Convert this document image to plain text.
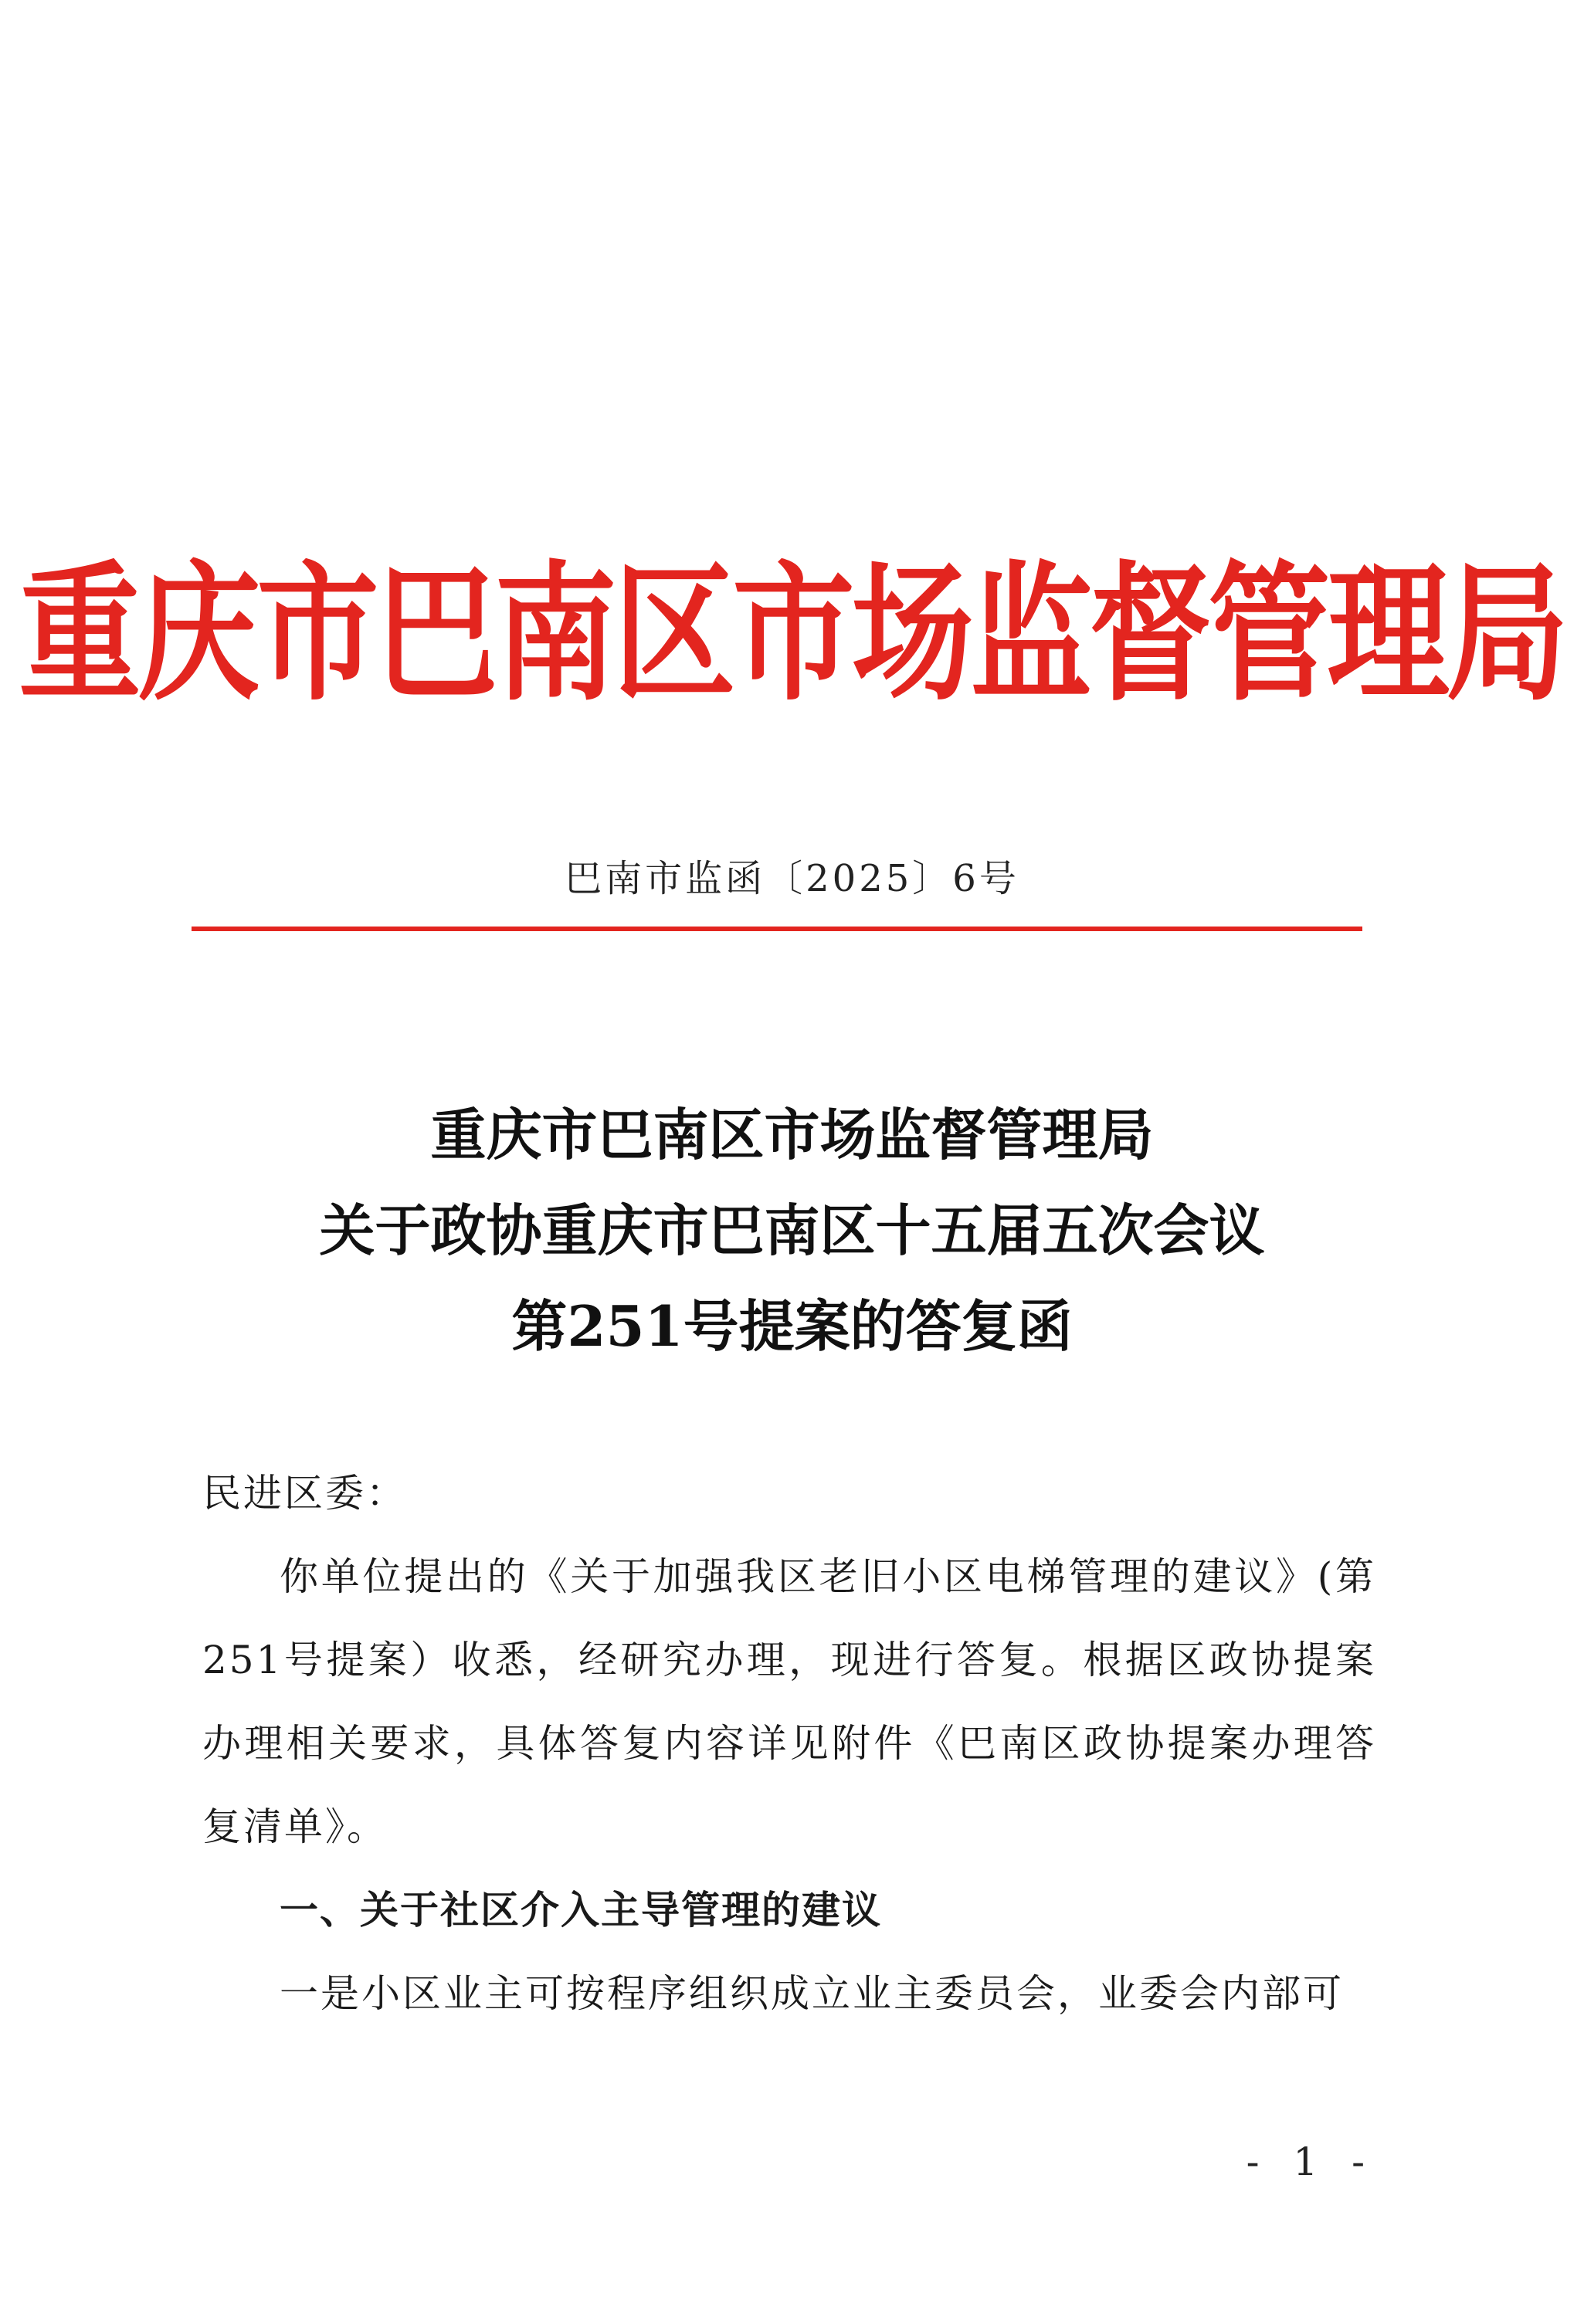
重庆市巴南区市场监督管理局
巴南市监函〔2025〕6号
重庆市巴南区市场监督管理局
关于政协重庆市巴南区十五届五次会议
第251号提案的答复函
民进区委：
你单位提出的《关于加强我区老旧小区电梯管理的建议》(第251号提案）收悉，经研究办理，现进行答复。根据区政协提案办理相关要求，具体答复内容详见附件《巴南区政协提案办理答复清单》。
一、关于社区介入主导管理的建议
一是小区业主可按程序组织成立业主委员会，业委会内部可
- 1 -
